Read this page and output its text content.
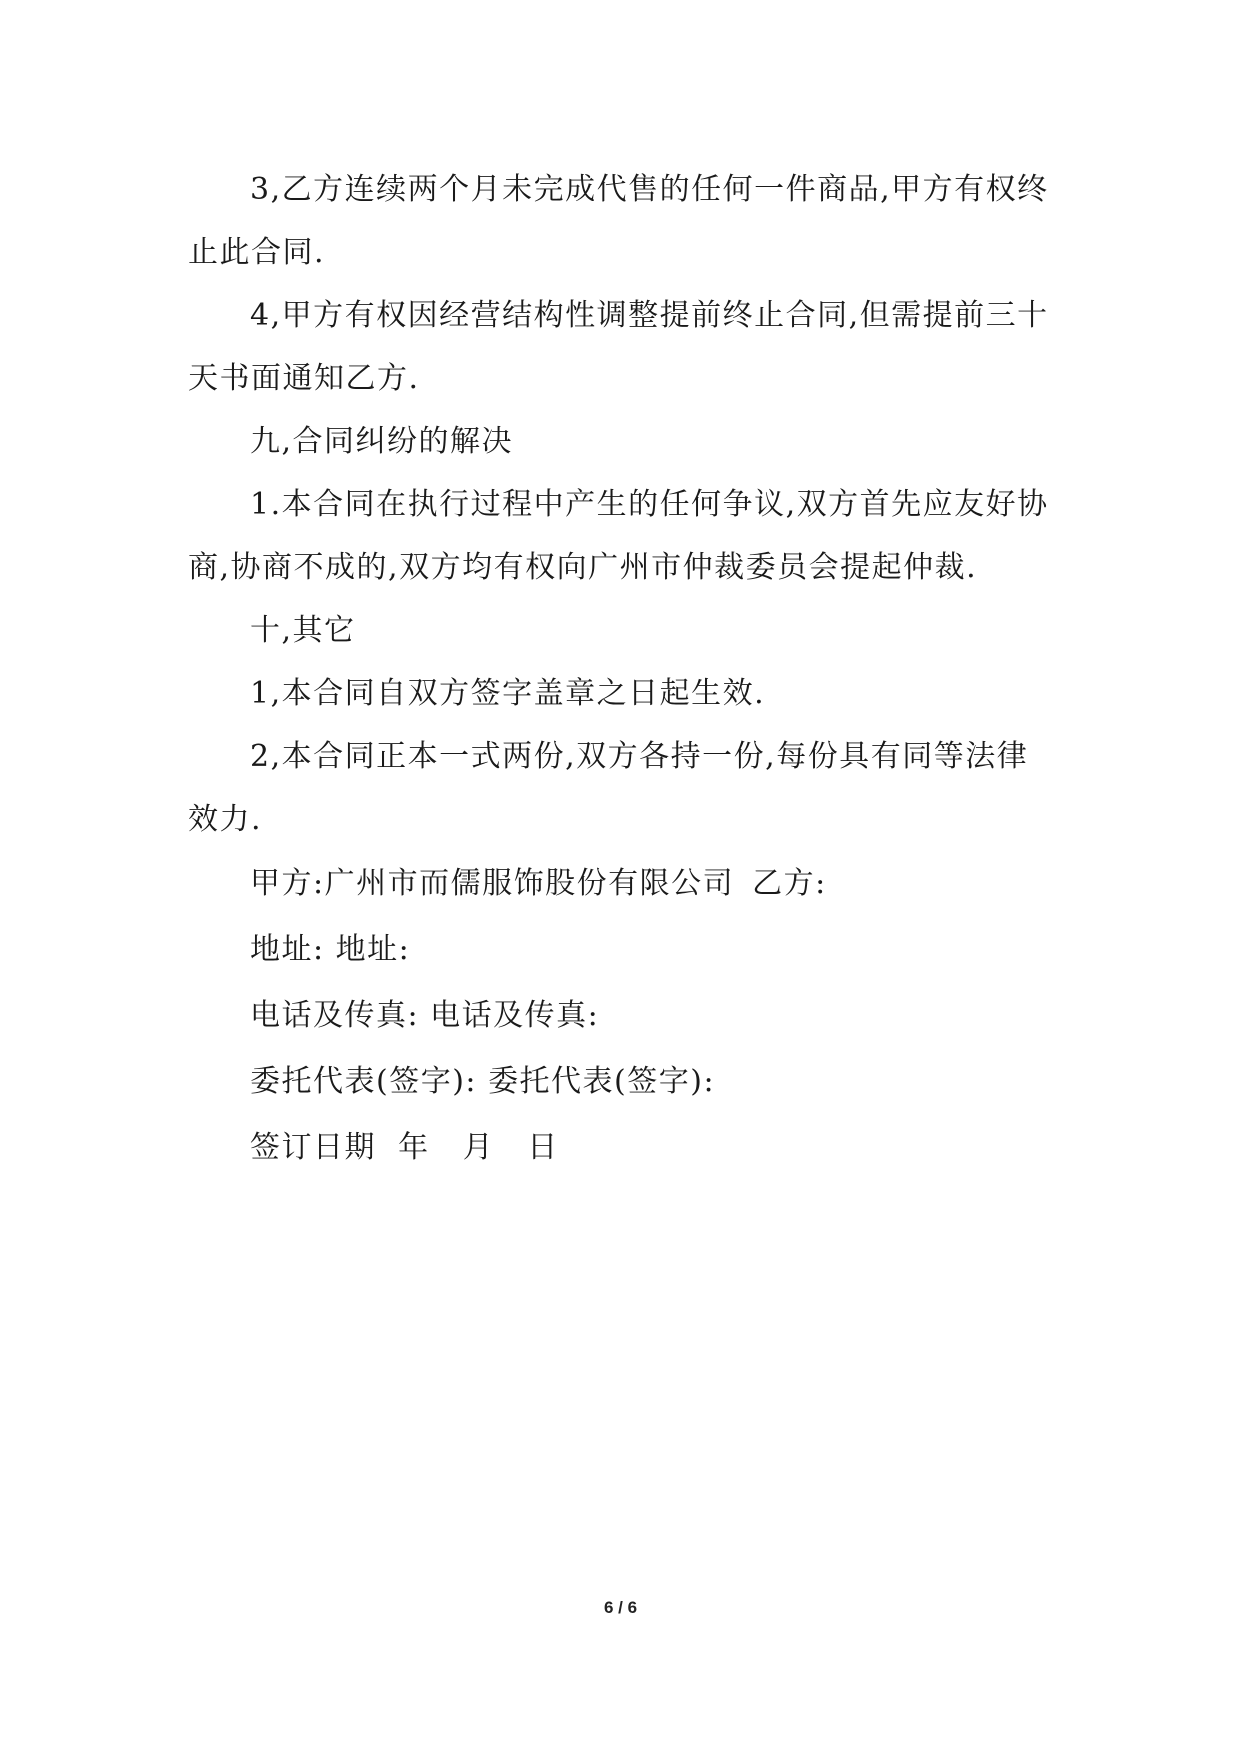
3,乙方连续两个月未完成代售的任何一件商品,甲方有权终止此合同.

4,甲方有权因经营结构性调整提前终止合同,但需提前三十天书面通知乙方.

九,合同纠纷的解决

1.本合同在执行过程中产生的任何争议,双方首先应友好协商,协商不成的,双方均有权向广州市仲裁委员会提起仲裁.

十,其它

1,本合同自双方签字盖章之日起生效.

2,本合同正本一式两份,双方各持一份,每份具有同等法律效力.

甲方:广州市而儒服饰股份有限公司 乙方:

地址: 地址:

电话及传真: 电话及传真:

委托代表(签字): 委托代表(签字):

签订日期 年 月 日

6 / 6
